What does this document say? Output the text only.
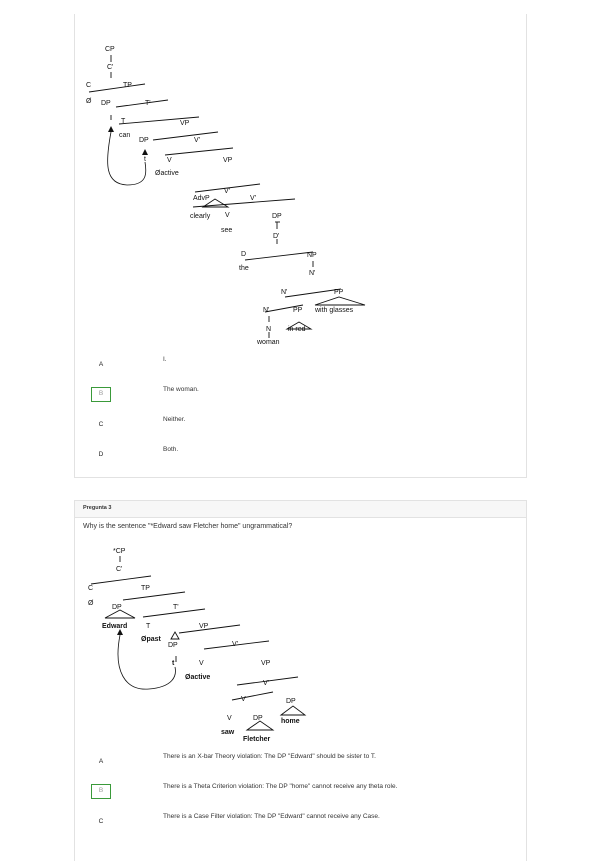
CP
C'
C	TP
Ø DP	T'
T	VP
can
DP	V'
t	V	VP
Øactive
V'
AdvP	V'
clearly V	DP
see
D'
D	NP
the
N'
N'	PP
N'	PP with glasses
N in red
woman
A
I.
B
The woman.
C
Neither.
D
Both.
Pregunta 3
Why is the sentence "*Edward saw Fletcher home" ungrammatical?
*CP
C'
C	TP
Ø
DP	T'
Edward	T	VP
Øpast
DP	V'
t	V	VP
Øactive
V'
V	DP
V	DP	home
saw
Fletcher
A
There is an X-bar Theory violation: The DP "Edward" should be sister to T.
B
There is a Theta Criterion violation: The DP "home" cannot receive any theta role.
C
There is a Case Filter violation: The DP "Edward" cannot receive any Case.
